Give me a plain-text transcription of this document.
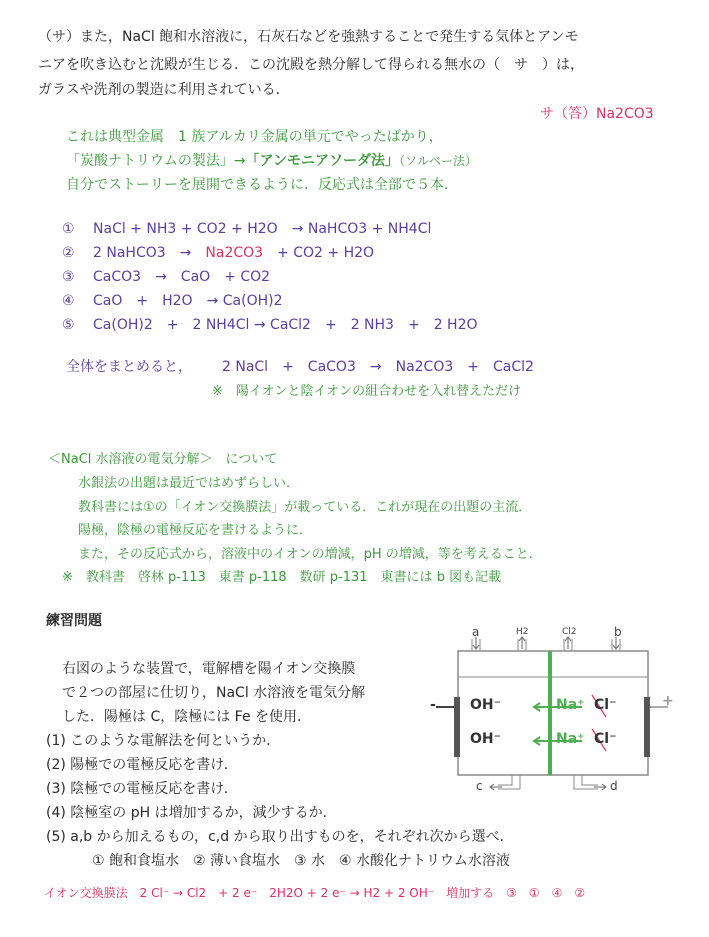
（サ）また，NaCl 飽和水溶液に，石灰石などを強熱することで発生する気体とアンモ
ニアを吹き込むと沈殿が生じる．この沈殿を熱分解して得られる無水の（　サ　）は，
ガラスや洗剤の製造に利用されている．
サ（答）Na2CO3
これは典型金属　1 族アルカリ金属の単元でやったばかり，
「炭酸ナトリウムの製法」→「アンモニアソーダ法」（ソルベー法）
自分でストーリーを展開できるように．反応式は全部で５本．
① NaCl + NH3 + CO2 + H2O　→ NaHCO3 + NH4Cl
② 2 NaHCO3　→　Na2CO3　+ CO2 + H2O
③ CaCO3　→　CaO　+ CO2
④ CaO　+　H2O　→ Ca(OH)2
⑤ Ca(OH)2　+　2 NH4Cl → CaCl2　+　2 NH3　+　2 H2O
全体をまとめると， 2 NaCl　+　CaCO3　→　Na2CO3　+　CaCl2
※　陽イオンと陰イオンの組合わせを入れ替えただけ
＜NaCl 水溶液の電気分解＞　について
水銀法の出題は最近ではめずらしい．
教科書には①の「イオン交換膜法」が載っている．これが現在の出題の主流．
陽極，陰極の電極反応を書けるように．
また，その反応式から，溶液中のイオンの増減，pH の増減，等を考えること．
※　教科書　啓林 p-113　東書 p-118　数研 p-131　東書には b 図も記載
練習問題
右図のような装置で，電解槽を陽イオン交換膜
で２つの部屋に仕切り，NaCl 水溶液を電気分解
した．陽極は C，陰極には Fe を使用．
(1) このような電解法を何というか．
(2) 陽極での電極反応を書け．
(3) 陰極での電極反応を書け．
(4) 陰極室の pH は増加するか，減少するか．
(5) a,b から加えるもの，c,d から取り出すものを，それぞれ次から選べ．
① 飽和食塩水　② 薄い食塩水　③ 水　④ 水酸化ナトリウム水溶液
a	H2	Cl2	b
-	+
OH⁻
OH⁻
Na⁺
Na⁺
Cl⁻
Cl⁻
c	d
イオン交換膜法　2 Cl⁻ → Cl2　+ 2 e⁻　2H2O + 2 e⁻ → H2 + 2 OH⁻　増加する　③　①　④　②
